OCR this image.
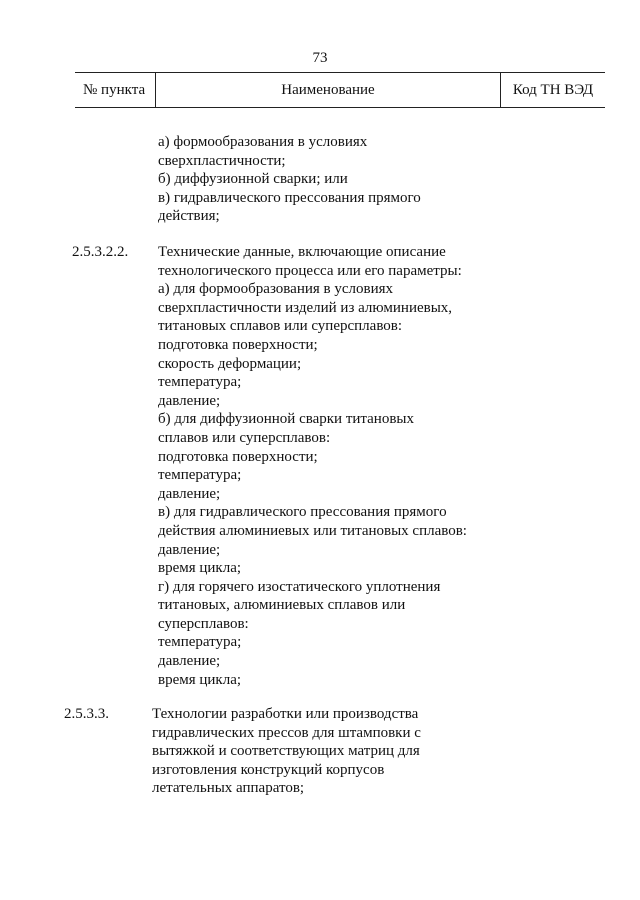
73
№ пункта	Наименование	Код ТН ВЭД
а) формообразования в условиях
сверхпластичности;
б) диффузионной сварки; или
в) гидравлического прессования прямого
действия;
2.5.3.2.2. Технические данные, включающие описание
технологического процесса или его параметры:
а) для формообразования в условиях
сверхпластичности изделий из алюминиевых,
титановых сплавов или суперсплавов:
подготовка поверхности;
скорость деформации;
температура;
давление;
б) для диффузионной сварки титановых
сплавов или суперсплавов:
подготовка поверхности;
температура;
давление;
в) для гидравлического прессования прямого
действия алюминиевых или титановых сплавов:
давление;
время цикла;
г) для горячего изостатического уплотнения
титановых, алюминиевых сплавов или
суперсплавов:
температура;
давление;
время цикла;
2.5.3.3.	Технологии разработки или производства
гидравлических прессов для штамповки с
вытяжкой и соответствующих матриц для
изготовления конструкций корпусов
летательных аппаратов;
